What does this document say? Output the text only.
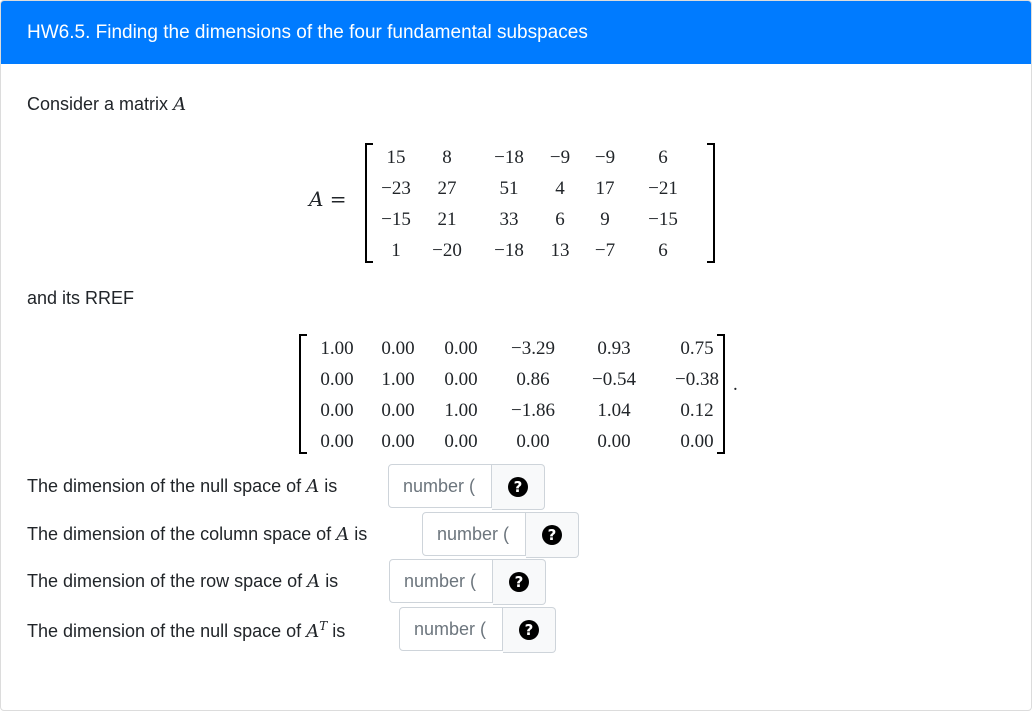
HW6.5. Finding the dimensions of the four fundamental subspaces
Consider a matrix A
A =
15	8	−18	−9	−9	6
−23	27	51	4	17	−21
−15	21	33	6	9	−15
1	−20	−18	13	−7	6
and its RREF
1.00	0.00	0.00	−3.29	0.93	0.75
0.00	1.00	0.00	0.86	−0.54	−0.38
0.00	0.00	1.00	−1.86	1.04	0.12
0.00	0.00	0.00	0.00	0.00	0.00
.
The dimension of the null space of A is	number (	?
The dimension of the column space of A is	number (	?
The dimension of the row space of A is	number (	?
The dimension of the null space of $A^T$ is	number (	?
